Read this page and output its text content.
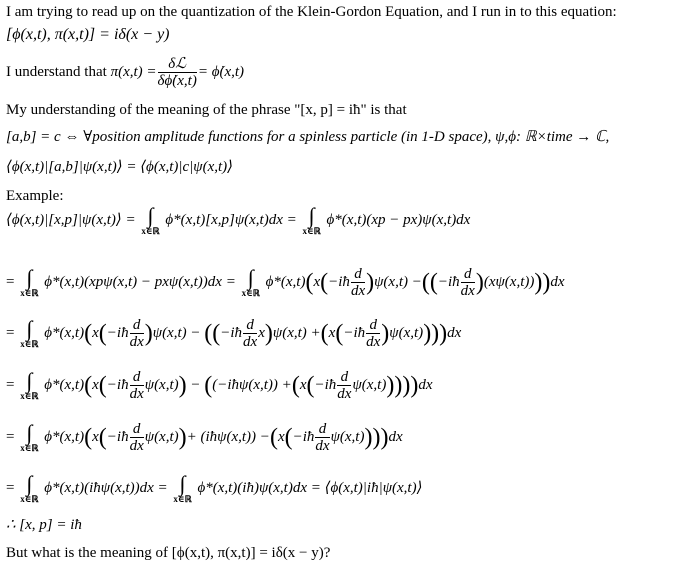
I am trying to read up on the quantization of the Klein-Gordon Equation, and I run in to this equation:
[ϕ(x,t), π(x,t)] = iδ(x − y)
I understand that π(x,t) = δℒ
δϕ̇(x,t)
= ϕ̇(x,t)
My understanding of the meaning of the phrase "[x, p] = iħ" is that
[a,b] = c ⇔ ∀position amplitude functions for a spinless particle (in 1-D space), ψ,ϕ: ℝ×time → ℂ,
⟨ϕ(x,t)|[a,b]|ψ(x,t)⟩ = ⟨ϕ(x,t)|c|ψ(x,t)⟩
Example:
⟨ϕ(x,t)|[x,p]|ψ(x,t)⟩ = ∫
x∈ℝ
ϕ*(x,t)[x,p]ψ(x,t)dx = ∫
x∈ℝ
ϕ*(x,t)(xp − px)ψ(x,t)dx
= ∫
x∈ℝ
ϕ*(x,t)(xpψ(x,t) − pxψ(x,t))dx = ∫
x∈ℝ
ϕ*(x,t)(x(−iħ $\frac{d}{dx} )\psi(x,t)$ −((−iħ $\frac{d}{dx} )(x\psi(x,t))))dx$
= ∫
x∈ℝ
ϕ*(x,t)(x(−iħ $\frac{d}{dx} )\psi(x,t)$ − ((−iħ $\frac{d}{dx} x)\psi(x,t)$ +(x(−iħ $\frac{d}{dx} )\psi(x,t))))dx$
= ∫
x∈ℝ
ϕ*(x,t)(x(−iħ $\frac{d}{dx} \psi(x,t)$) − ((−iħψ(x,t)) +(x(−iħ $\frac{d}{dx} \psi(x,t)))))dx$
= ∫
x∈ℝ
ϕ*(x,t)(x(−iħ $\frac{d}{dx} \psi(x,t))+$ (iħψ(x,t)) −(x(−iħ $\frac{d}{dx} \psi(x,t))))dx$
= ∫
x∈ℝ
ϕ*(x,t)(iħψ(x,t))dx = ∫
x∈ℝ
ϕ*(x,t)(iħ)ψ(x,t)dx = ⟨ϕ(x,t)|iħ|ψ(x,t)⟩
∴ [x, p] = iħ
But what is the meaning of [ϕ(x,t), π(x,t)] = iδ(x − y)?
